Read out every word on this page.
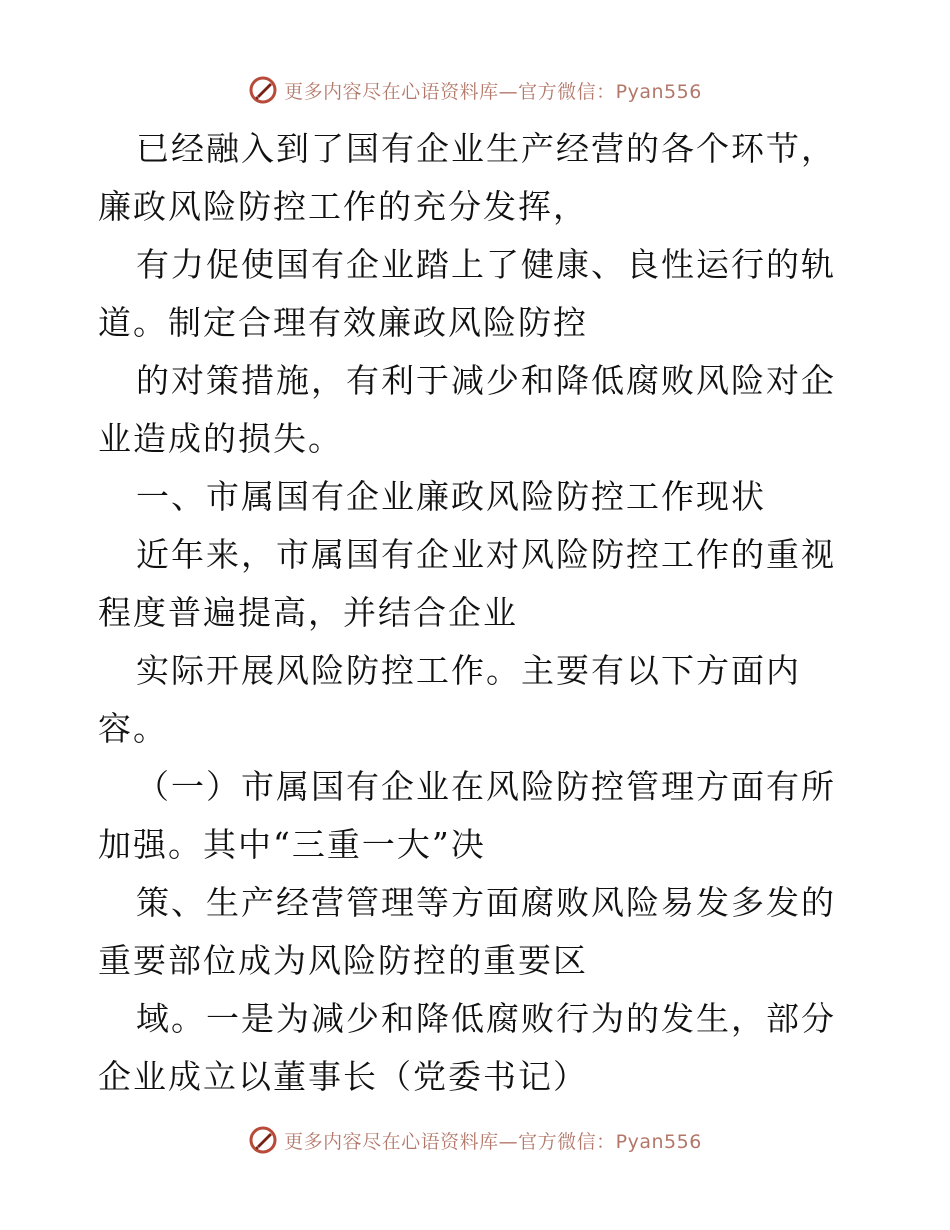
更多内容尽在心语资料库—官方微信：Pyan556

已经融入到了国有企业生产经营的各个环节，廉政风险防控工作的充分发挥，

有力促使国有企业踏上了健康、良性运行的轨道。制定合理有效廉政风险防控

的对策措施，有利于减少和降低腐败风险对企业造成的损失。

一、市属国有企业廉政风险防控工作现状

近年来，市属国有企业对风险防控工作的重视程度普遍提高，并结合企业

实际开展风险防控工作。主要有以下方面内容。

（一）市属国有企业在风险防控管理方面有所加强。其中“三重一大”决

策、生产经营管理等方面腐败风险易发多发的重要部位成为风险防控的重要区

域。一是为减少和降低腐败行为的发生，部分企业成立以董事长（党委书记）

更多内容尽在心语资料库—官方微信：Pyan556
